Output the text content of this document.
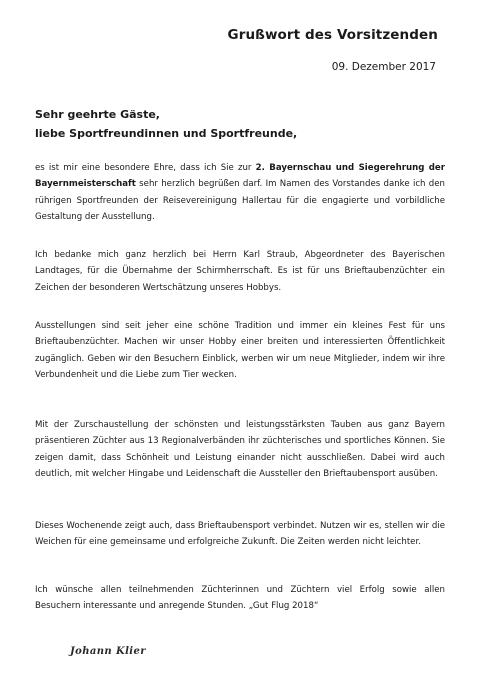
Grußwort des Vorsitzenden
09. Dezember 2017
Sehr geehrte Gäste,
liebe Sportfreundinnen und Sportfreunde,
es ist mir eine besondere Ehre, dass ich Sie zur 2. Bayernschau und Siegerehrung der Bayernmeisterschaft sehr herzlich begrüßen darf. Im Namen des Vorstandes danke ich den rührigen Sportfreunden der Reisevereinigung Hallertau für die engagierte und vorbildliche Gestaltung der Ausstellung.
Ich bedanke mich ganz herzlich bei Herrn Karl Straub, Abgeordneter des Bayerischen Landtages, für die Übernahme der Schirmherrschaft. Es ist für uns Brieftaubenzüchter ein Zeichen der besonderen Wertschätzung unseres Hobbys.
Ausstellungen sind seit jeher eine schöne Tradition und immer ein kleines Fest für uns Brieftaubenzüchter. Machen wir unser Hobby einer breiten und interessierten Öffentlichkeit zugänglich. Geben wir den Besuchern Einblick, werben wir um neue Mitglieder, indem wir ihre Verbundenheit und die Liebe zum Tier wecken.
Mit der Zurschaustellung der schönsten und leistungsstärksten Tauben aus ganz Bayern präsentieren Züchter aus 13 Regionalverbänden ihr züchterisches und sportliches Können. Sie zeigen damit, dass Schönheit und Leistung einander nicht ausschließen. Dabei wird auch deutlich, mit welcher Hingabe und Leidenschaft die Aussteller den Brieftaubensport ausüben.
Dieses Wochenende zeigt auch, dass Brieftaubensport verbindet. Nutzen wir es, stellen wir die Weichen für eine gemeinsame und erfolgreiche Zukunft. Die Zeiten werden nicht leichter.
Ich wünsche allen teilnehmenden Züchterinnen und Züchtern viel Erfolg sowie allen Besuchern interessante und anregende Stunden. „Gut Flug 2018“
Johann Klier
